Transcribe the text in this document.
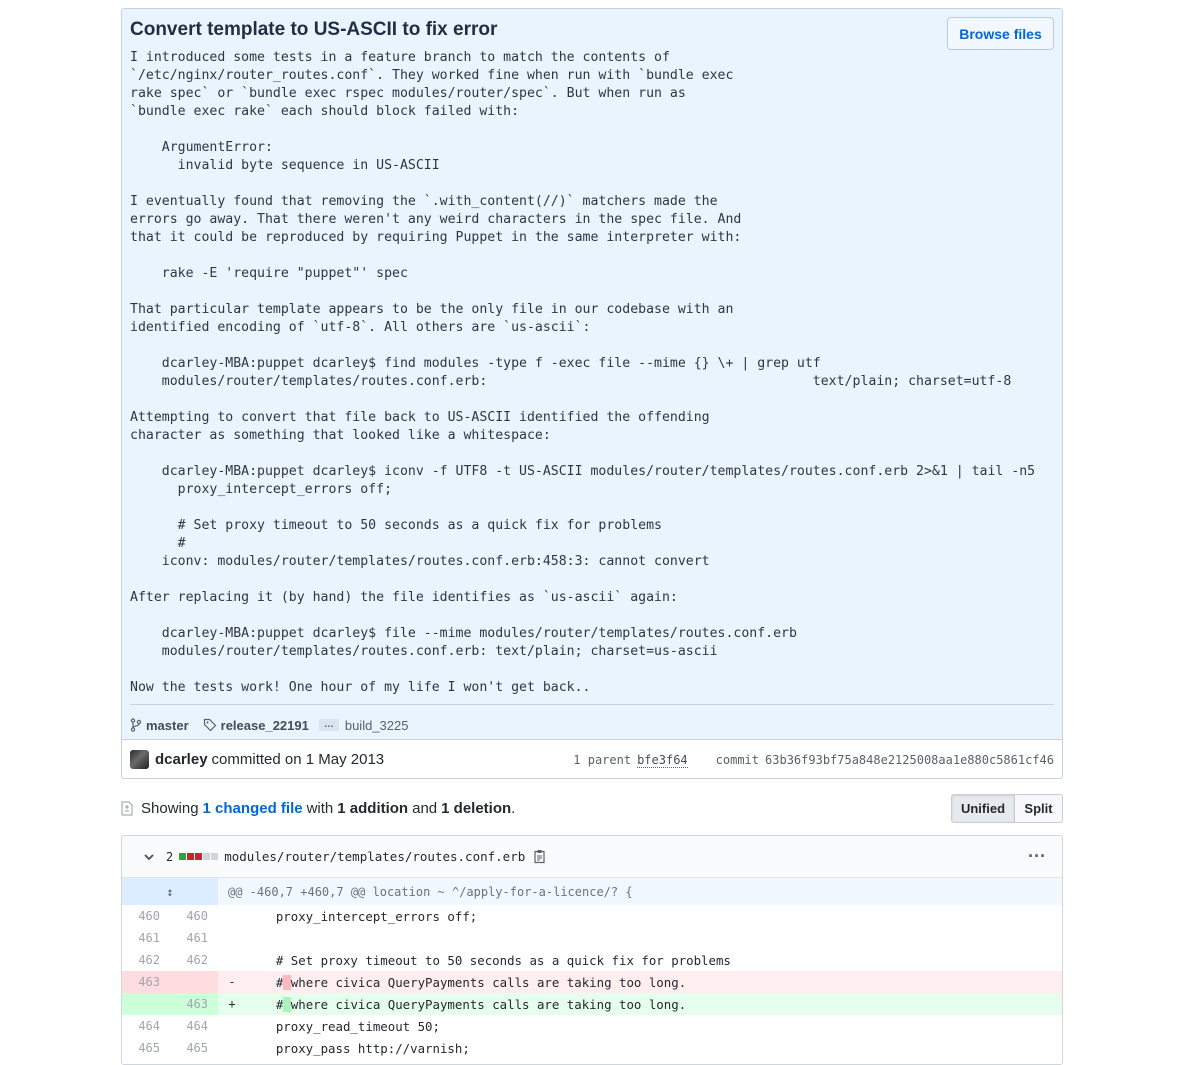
Convert template to US-ASCII to fix error	Browse files
I introduced some tests in a feature branch to match the contents of
`/etc/nginx/router_routes.conf`. They worked fine when run with `bundle exec
rake spec` or `bundle exec rspec modules/router/spec`. But when run as
`bundle exec rake` each should block failed with:

ArgumentError:
invalid byte sequence in US-ASCII

I eventually found that removing the `.with_content(//)` matchers made the
errors go away. That there weren't any weird characters in the spec file. And
that it could be reproduced by requiring Puppet in the same interpreter with:

rake -E 'require "puppet"' spec

That particular template appears to be the only file in our codebase with an
identified encoding of `utf-8`. All others are `us-ascii`:

dcarley-MBA:puppet dcarley$ find modules -type f -exec file --mime {} \+ | grep utf
modules/router/templates/routes.conf.erb:                                         text/plain; charset=utf-8

Attempting to convert that file back to US-ASCII identified the offending
character as something that looked like a whitespace:

dcarley-MBA:puppet dcarley$ iconv -f UTF8 -t US-ASCII modules/router/templates/routes.conf.erb 2>&1 | tail -n5
proxy_intercept_errors off;

# Set proxy timeout to 50 seconds as a quick fix for problems
#
iconv: modules/router/templates/routes.conf.erb:458:3: cannot convert

After replacing it (by hand) the file identifies as `us-ascii` again:

dcarley-MBA:puppet dcarley$ file --mime modules/router/templates/routes.conf.erb
modules/router/templates/routes.conf.erb: text/plain; charset=us-ascii

Now the tests work! One hour of my life I won't get back..
master release_22191	… build_3225
dcarley committed on 1 May 2013	1 parent bfe3f64 commit 63b36f93bf75a848e2125008aa1e880c5861cf46
Showing 1 changed file with 1 addition and 1 deletion .	Unified	Split
2	modules/router/templates/routes.conf.erb	···
↕		@@ -460,7 +460,7 @@ location ~ ^/apply-for-a-licence/? {	
460	460		proxy_intercept_errors off;
461	461		
462	462		# Set proxy timeout to 50 seconds as a quick fix for problems
463		-	# where civica QueryPayments calls are taking too long.
	463	+	# where civica QueryPayments calls are taking too long.
464	464		proxy_read_timeout 50;
465	465		proxy_pass http://varnish;
